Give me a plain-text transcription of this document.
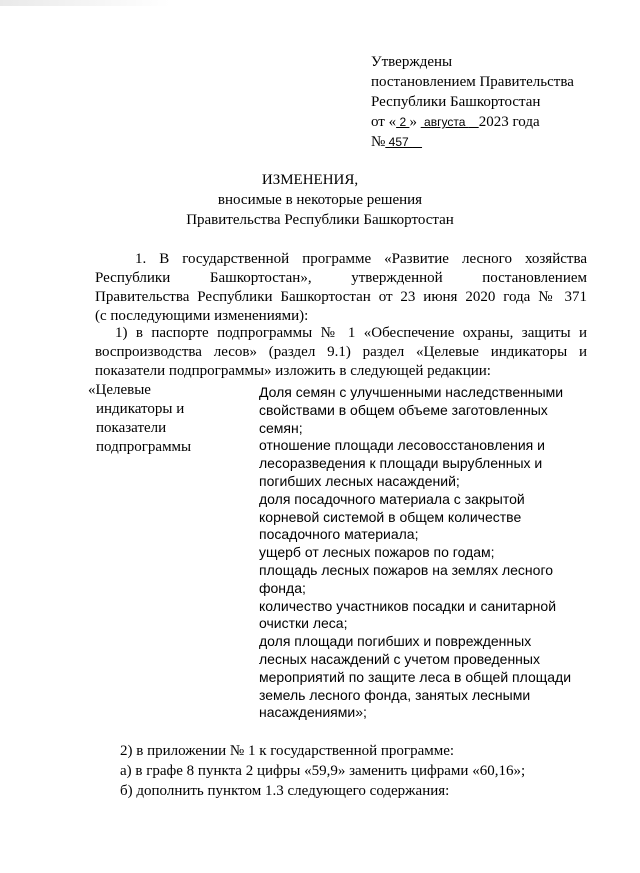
Утверждены
постановлением Правительства
Республики Башкортостан
от « 2 »  августа    2023 года
№ 457
ИЗМЕНЕНИЯ,
вносимые в некоторые решения
Правительства Республики Башкортостан
1. В государственной программе «Развитие лесного хозяйства
Республики Башкортостан», утвержденной постановлением
Правительства Республики Башкортостан от 23 июня 2020 года № 371
(с последующими изменениями):
1) в паспорте подпрограммы № 1 «Обеспечение охраны, защиты и
воспроизводства лесов» (раздел 9.1) раздел «Целевые индикаторы и
показатели подпрограммы» изложить в следующей редакции:
«Целевые
индикаторы и
показатели
подпрограммы
Доля семян с улучшенными наследственными
свойствами в общем объеме заготовленных
семян;
отношение площади лесовосстановления и
лесоразведения к площади вырубленных и
погибших лесных насаждений;
доля посадочного материала с закрытой
корневой системой в общем количестве
посадочного материала;
ущерб от лесных пожаров по годам;
площадь лесных пожаров на землях лесного
фонда;
количество участников посадки и санитарной
очистки леса;
доля площади погибших и поврежденных
лесных насаждений с учетом проведенных
мероприятий по защите леса в общей площади
земель лесного фонда, занятых лесными
насаждениями»;
2) в приложении № 1 к государственной программе:
а) в графе 8 пункта 2 цифры «59,9» заменить цифрами «60,16»;
б) дополнить пунктом 1.3 следующего содержания:
